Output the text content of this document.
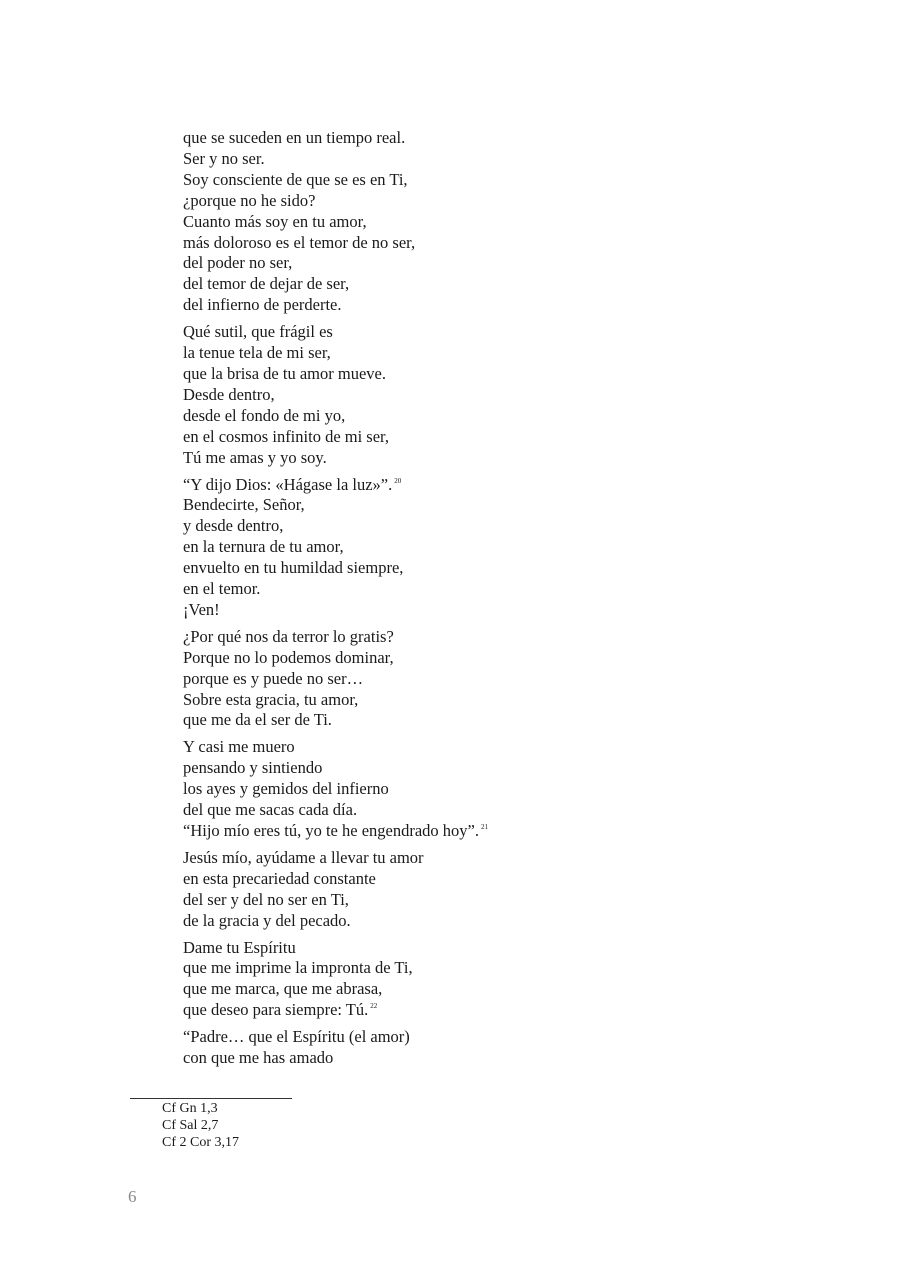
que se suceden en un tiempo real.
Ser y no ser.
Soy consciente de que se es en Ti,
¿porque no he sido?
Cuanto más soy en tu amor,
más doloroso es el temor de no ser,
del poder no ser,
del temor de dejar de ser,
del infierno de perderte.
Qué sutil, que frágil es
la tenue tela de mi ser,
que la brisa de tu amor mueve.
Desde dentro,
desde el fondo de mi yo,
en el cosmos infinito de mi ser,
Tú me amas y yo soy.
“Y dijo Dios: «Hágase la luz»”. $^{20}$
Bendecirte, Señor,
y desde dentro,
en la ternura de tu amor,
envuelto en tu humildad siempre,
en el temor.
¡Ven!
¿Por qué nos da terror lo gratis?
Porque no lo podemos dominar,
porque es y puede no ser…
Sobre esta gracia, tu amor,
que me da el ser de Ti.
Y casi me muero
pensando y sintiendo
los ayes y gemidos del infierno
del que me sacas cada día.
“Hijo mío eres tú, yo te he engendrado hoy”. $^{21}$
Jesús mío, ayúdame a llevar tu amor
en esta precariedad constante
del ser y del no ser en Ti,
de la gracia y del pecado.
Dame tu Espíritu
que me imprime la impronta de Ti,
que me marca, que me abrasa,
que deseo para siempre: Tú. $^{22}$
“Padre… que el Espíritu (el amor)
con que me has amado
Cf Gn 1,3
Cf Sal 2,7
Cf 2 Cor 3,17
6
